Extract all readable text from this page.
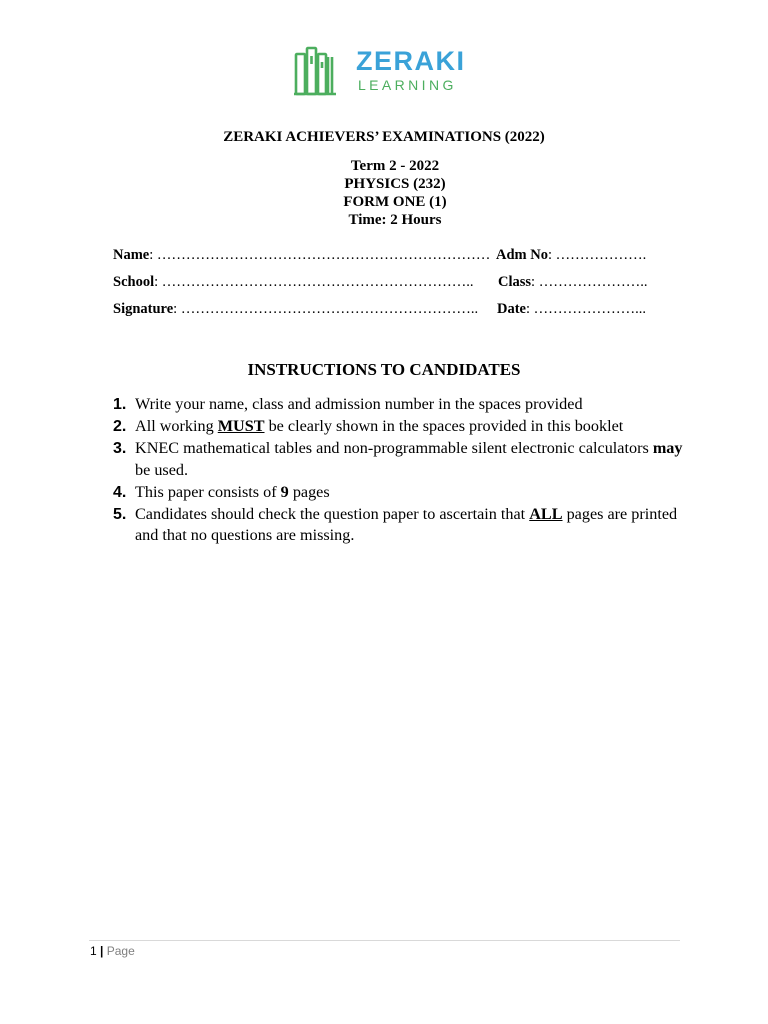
ZERAKI
LEARNING
ZERAKI ACHIEVERS’ EXAMINATIONS (2022)
Term 2 - 2022
PHYSICS (232)
FORM ONE (1)
Time: 2 Hours
Name: …………………………………………………………… Adm No: ……………….
School: ……………………………………………………….. Class: …………………..
Signature: …………………………………………………….. Date: …………………...
INSTRUCTIONS TO CANDIDATES
1. Write your name, class and admission number in the spaces provided
2. All working MUST be clearly shown in the spaces provided in this booklet
3. KNEC mathematical tables and non-programmable silent electronic calculators may be used.
4. This paper consists of 9 pages
5. Candidates should check the question paper to ascertain that ALL pages are printed and that no questions are missing.
1 | Page
